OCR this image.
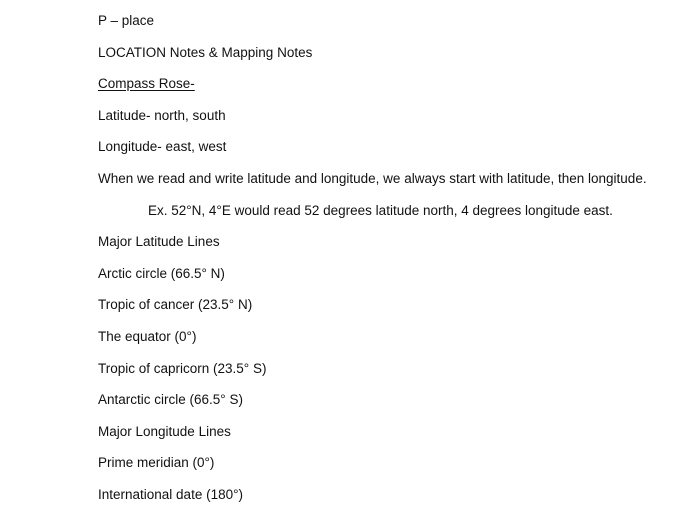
P – place
LOCATION Notes & Mapping Notes
Compass Rose-
Latitude- north, south
Longitude- east, west
When we read and write latitude and longitude, we always start with latitude, then longitude.
Ex. 52°N, 4°E would read 52 degrees latitude north, 4 degrees longitude east.
Major Latitude Lines
Arctic circle (66.5° N)
Tropic of cancer (23.5° N)
The equator (0°)
Tropic of capricorn (23.5° S)
Antarctic circle (66.5° S)
Major Longitude Lines
Prime meridian (0°)
International date (180°)
